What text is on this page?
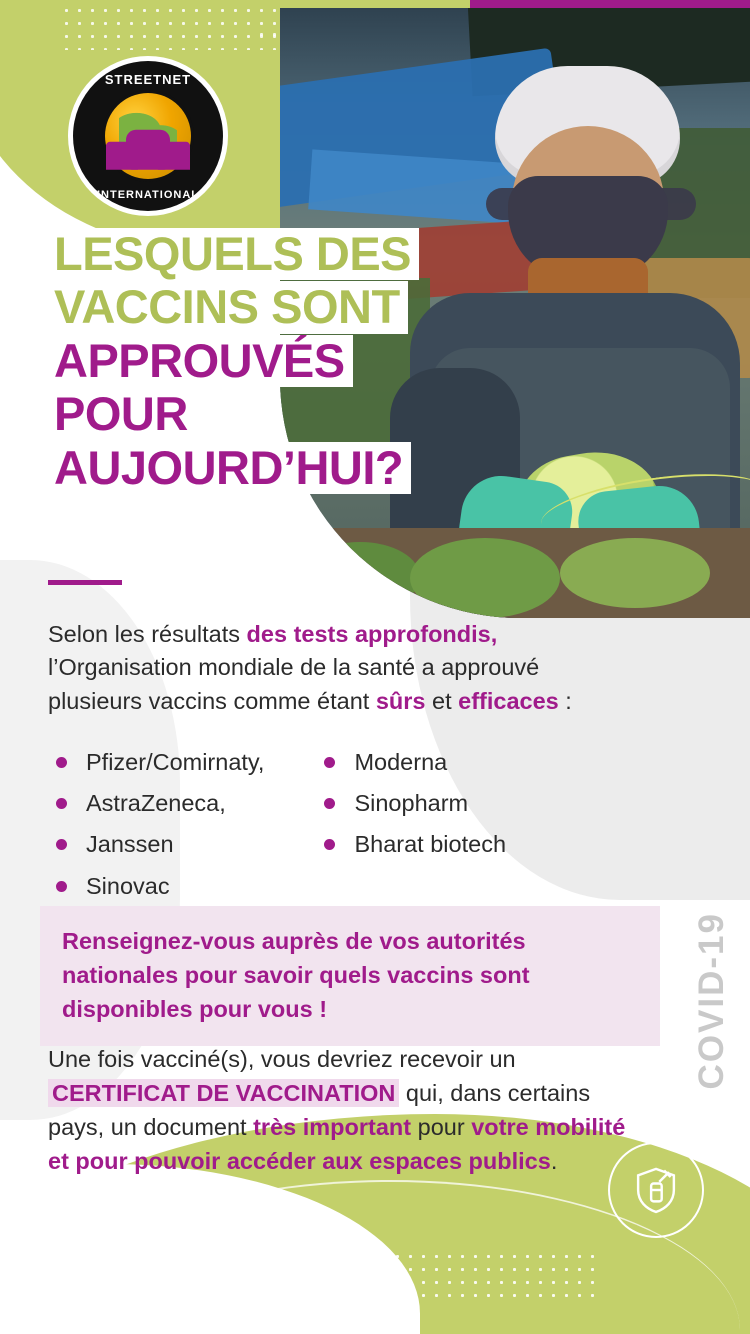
STREETNET
INTERNATIONAL
LESQUELS DES
VACCINS SONT
APPROUVÉS
POUR
AUJOURD’HUI?

Selon les résultats des tests approfondis, l’Organisation mondiale de la santé a approuvé plusieurs vaccins comme étant sûrs et efficaces :

Pfizer/Comirnaty,
AstraZeneca,
Janssen
Sinovac
Moderna
Sinopharm
Bharat biotech
Renseignez-vous auprès de vos autorités nationales pour savoir quels vaccins sont disponibles pour vous !

Une fois vacciné(s), vous devriez recevoir un CERTIFICAT DE VACCINATION qui, dans certains pays, un document très important pour votre mobilité et pour pouvoir accéder aux espaces publics.

COVID-19
